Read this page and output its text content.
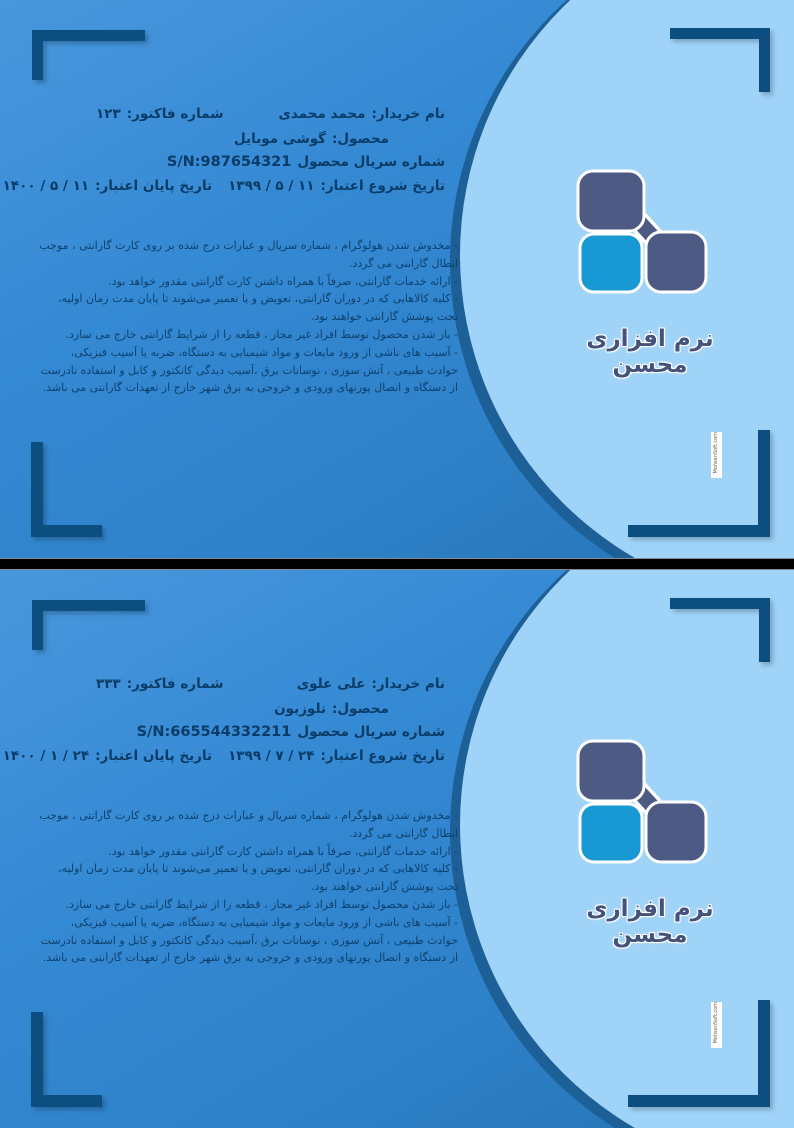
نرم افزاری محسن
نام خریدار:محمد محمدی
شماره فاکتور:۱۲۳
محصول:گوشی موبایل
شماره سریال محصولS/N:987654321
تاریخ شروع اعتبار:۱۱ / ۵ / ۱۳۹۹
تاریخ پایان اعتبار:۱۱ / ۵ / ۱۴۰۰
- مخدوش شدن هولوگرام ، شماره سریال و عبارات درج شده بر روی کارت گارانتی ، موجب
ابطال گارانتی می گردد.
- ارائه خدمات گارانتی، صرفاً با همراه داشتن کارت گارانتی مقدور خواهد بود.
- کلیه کالاهایی که در دوران گارانتی، تعویض و یا تعمیر می‌شوند تا پایان مدت زمان اولیه،
تحت پوشش گارانتی خواهند بود.
- باز شدن محصول توسط افراد غیر مجاز ، قطعه را از شرایط گارانتی خارج می سازد.
- آسیب های ناشی از ورود مایعات و مواد شیمیایی به دستگاه، ضربه یا آسیب فیزیکی،
حوادث طبیعی ، آتش سوزی ، نوسانات برق ،آسیب دیدگی کانکتور و کابل و استفاده نادرست
از دستگاه و اتصال پورتهای ورودی و خروجی به برق شهر خارج از تعهدات گارانتی می باشد.
MohsenSoft.com
نرم افزاری محسن
نام خریدار:علی علوی
شماره فاکتور:۳۳۳
محصول:تلوزیون
شماره سریال محصولS/N:665544332211
تاریخ شروع اعتبار:۲۴ / ۷ / ۱۳۹۹
تاریخ پایان اعتبار:۲۴ / ۱ / ۱۴۰۰
- مخدوش شدن هولوگرام ، شماره سریال و عبارات درج شده بر روی کارت گارانتی ، موجب
ابطال گارانتی می گردد.
- ارائه خدمات گارانتی، صرفاً با همراه داشتن کارت گارانتی مقدور خواهد بود.
- کلیه کالاهایی که در دوران گارانتی، تعویض و یا تعمیر می‌شوند تا پایان مدت زمان اولیه،
تحت پوشش گارانتی خواهند بود.
- باز شدن محصول توسط افراد غیر مجاز ، قطعه را از شرایط گارانتی خارج می سازد.
- آسیب های ناشی از ورود مایعات و مواد شیمیایی به دستگاه، ضربه یا آسیب فیزیکی،
حوادث طبیعی ، آتش سوزی ، نوسانات برق ،آسیب دیدگی کانکتور و کابل و استفاده نادرست
از دستگاه و اتصال پورتهای ورودی و خروجی به برق شهر خارج از تعهدات گارانتی می باشد.
MohsenSoft.com
